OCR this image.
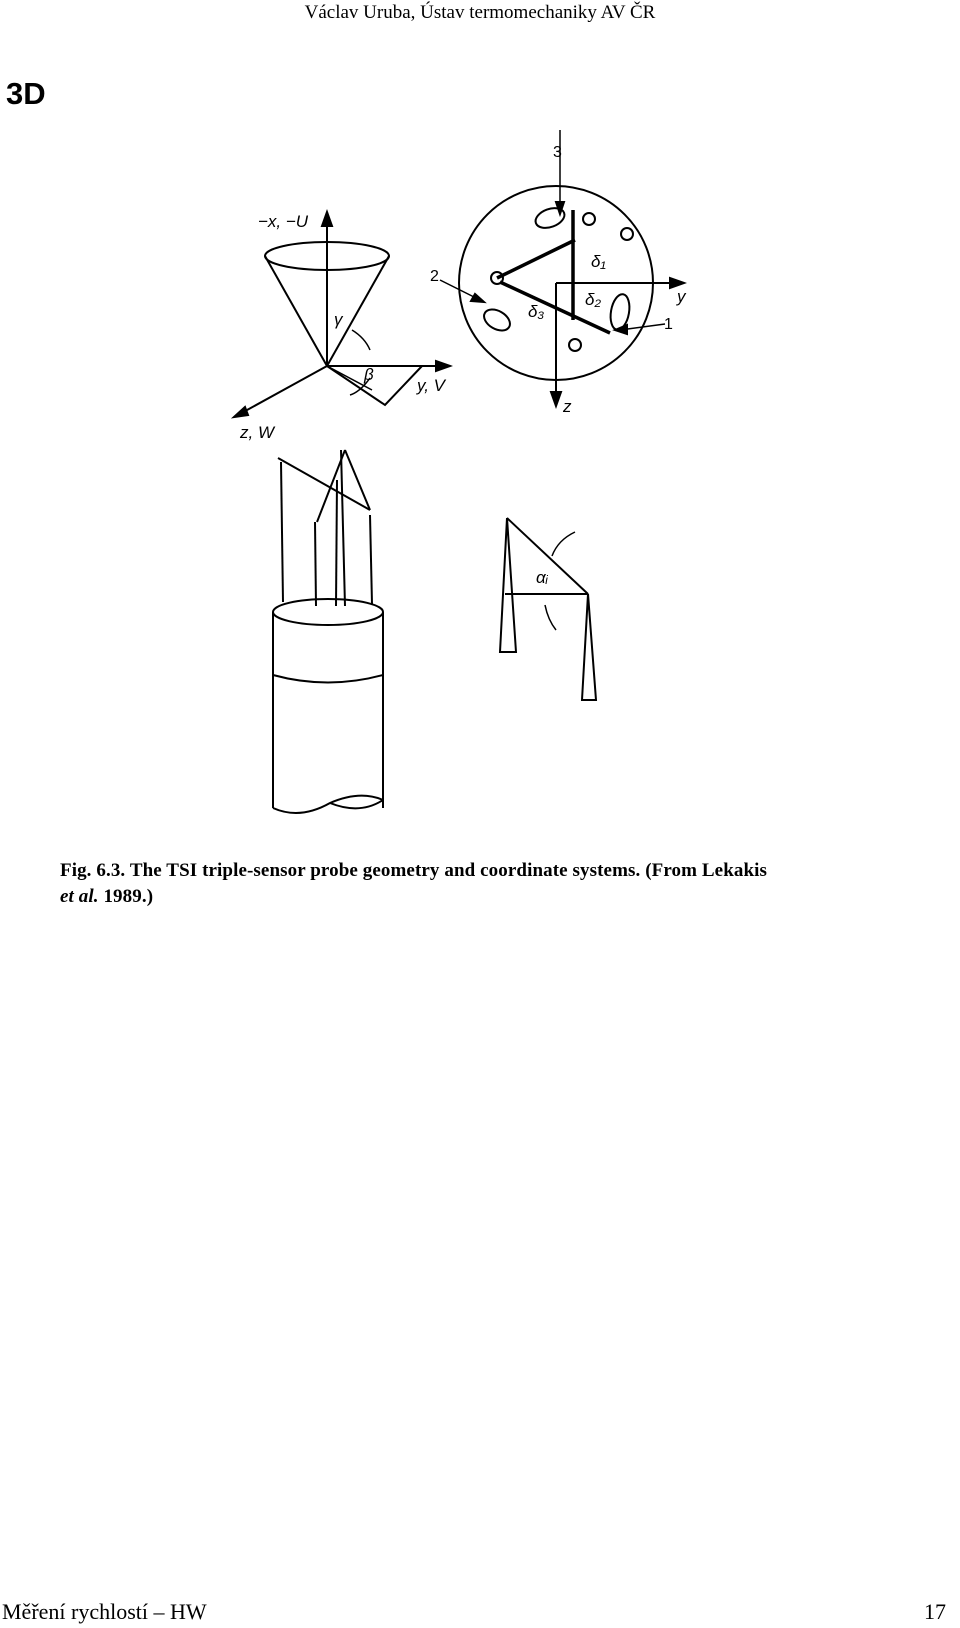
Václav Uruba, Ústav termomechaniky AV ČR
3D
−x, −U
γ
β
y, V
z, W
3
2
1
y
z
δ₁
δ₂
δ₃
αᵢ
Fig. 6.3. The TSI triple-sensor probe geometry and coordinate systems. (From Lekakis
et al. 1989.)
Měření rychlostí – HW	17
